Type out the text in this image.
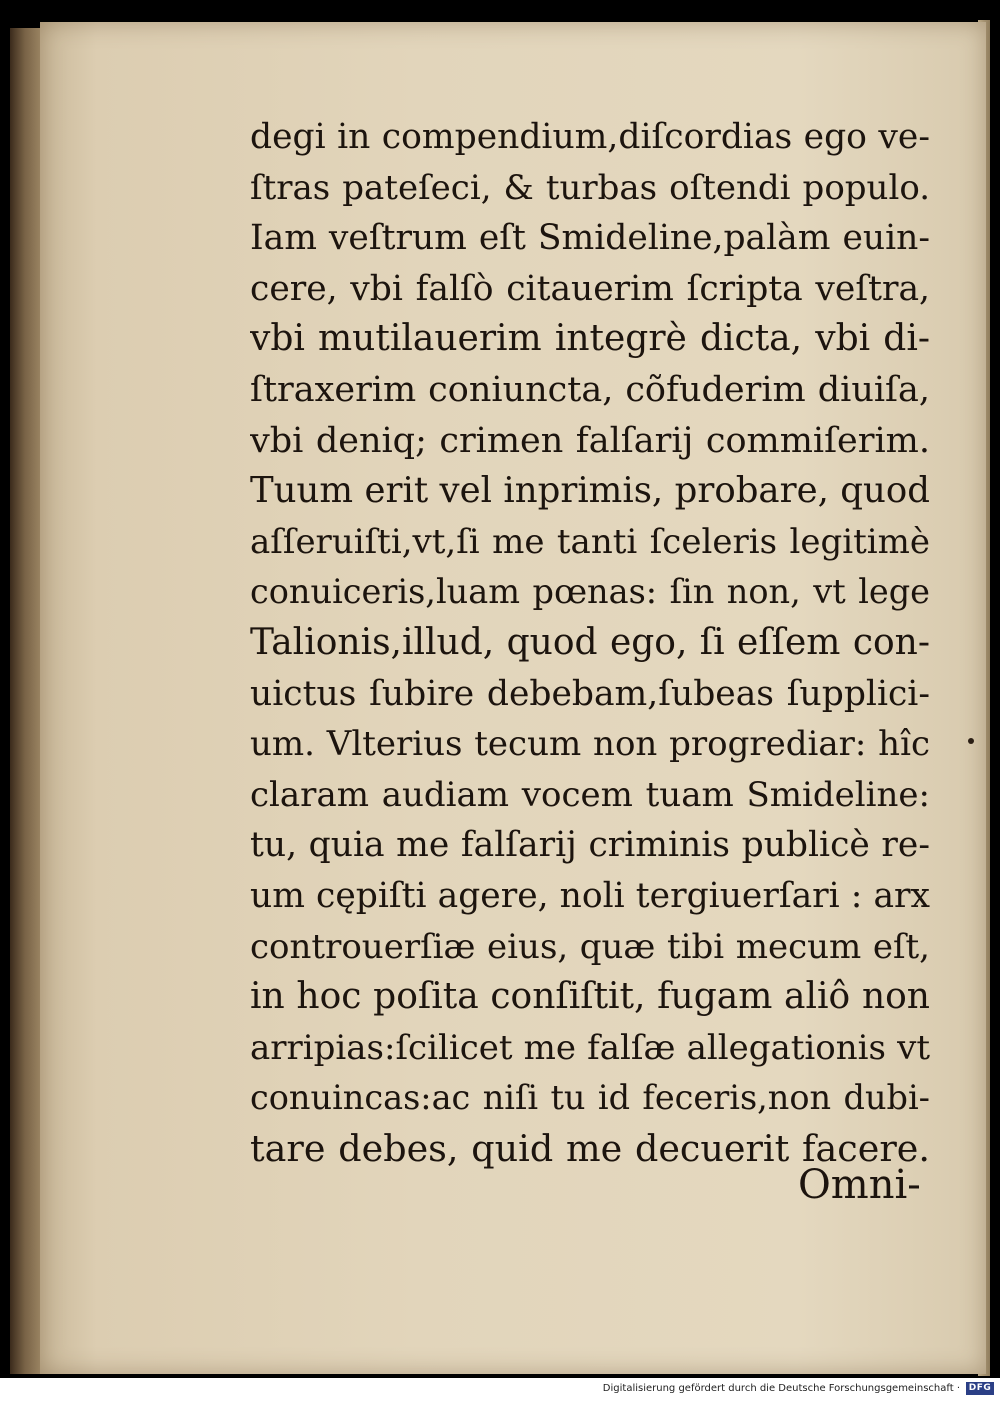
degi in compendium,diſcordias ego ve-
ſtras pateſeci, & turbas oſtendi populo.
Iam veſtrum eſt Smideline,palàm euin-
cere, vbi falſò citauerim ſcripta veſtra,
vbi mutilauerim integrè dicta, vbi di-
ſtraxerim coniuncta, cõfuderim diuiſa,
vbi deniq; crimen falſarij commiſerim.
Tuum erit vel inprimis, probare, quod
aſſeruiſti,vt,ſi me tanti ſceleris legitimè
conuiceris,luam pœnas: ſin non, vt lege
Talionis,illud, quod ego, ſi eſſem con-
uictus ſubire debebam,ſubeas ſupplici-
um. Vlterius tecum non progrediar: hîc
claram audiam vocem tuam Smideline:
tu, quia me falſarij criminis publicè re-
um cępiſti agere, noli tergiuerſari : arx
controuerſiæ eius, quæ tibi mecum eſt,
in hoc poſita conſiſtit, fugam aliô non
arripias:ſcilicet me falſæ allegationis vt
conuincas:ac niſi tu id feceris,non dubi-
tare debes, quid me decuerit facere.
Omni-
Digitalisierung gefördert durch die Deutsche Forschungsgemeinschaft · DFG
